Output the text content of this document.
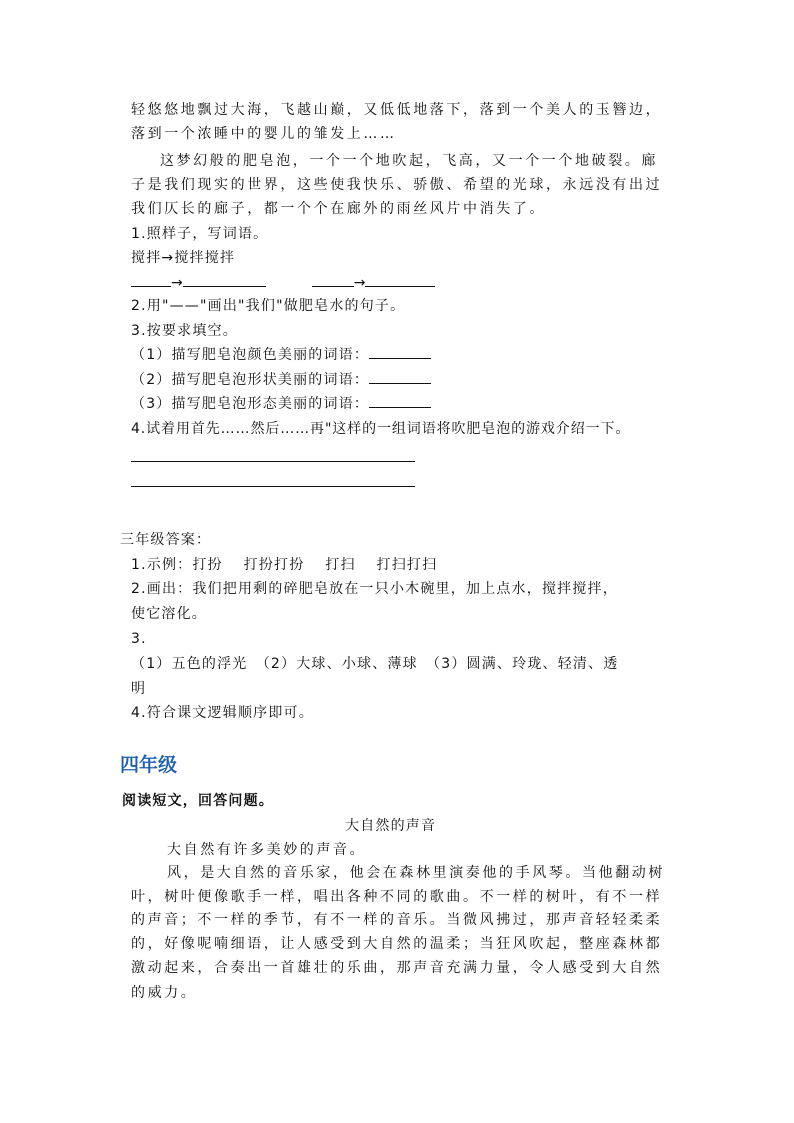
轻悠悠地飘过大海，飞越山巅，又低低地落下，落到一个美人的玉簪边，
落到一个浓睡中的婴儿的雏发上……
这梦幻般的肥皂泡，一个一个地吹起，飞高，又一个一个地破裂。廊
子是我们现实的世界，这些使我快乐、骄傲、希望的光球，永远没有出过
我们仄长的廊子，都一个个在廊外的雨丝风片中消失了。
1.照样子，写词语。
搅拌→搅拌搅拌
→	→
2.用"——"画出"我们"做肥皂水的句子。
3.按要求填空。
（1）描写肥皂泡颜色美丽的词语：
（2）描写肥皂泡形状美丽的词语：
（3）描写肥皂泡形态美丽的词语：
4.试着用首先……然后……再"这样的一组词语将吹肥皂泡的游戏介绍一下。
三年级答案：
1.示例：打扮　 打扮打扮　 打扫　 打扫打扫
2.画出：我们把用剩的碎肥皂放在一只小木碗里，加上点水，搅拌搅拌，
使它溶化。
3.
（1）五色的浮光　（2）大球、小球、薄球　（3）圆满、玲珑、轻清、透
明
4.符合课文逻辑顺序即可。
四年级
阅读短文，回答问题。
大自然的声音
大自然有许多美妙的声音。
风，是大自然的音乐家，他会在森林里演奏他的手风琴。当他翻动树
叶，树叶便像歌手一样，唱出各种不同的歌曲。不一样的树叶，有不一样
的声音；不一样的季节，有不一样的音乐。当微风拂过，那声音轻轻柔柔
的，好像呢喃细语，让人感受到大自然的温柔；当狂风吹起，整座森林都
激动起来，合奏出一首雄壮的乐曲，那声音充满力量，令人感受到大自然
的威力。
